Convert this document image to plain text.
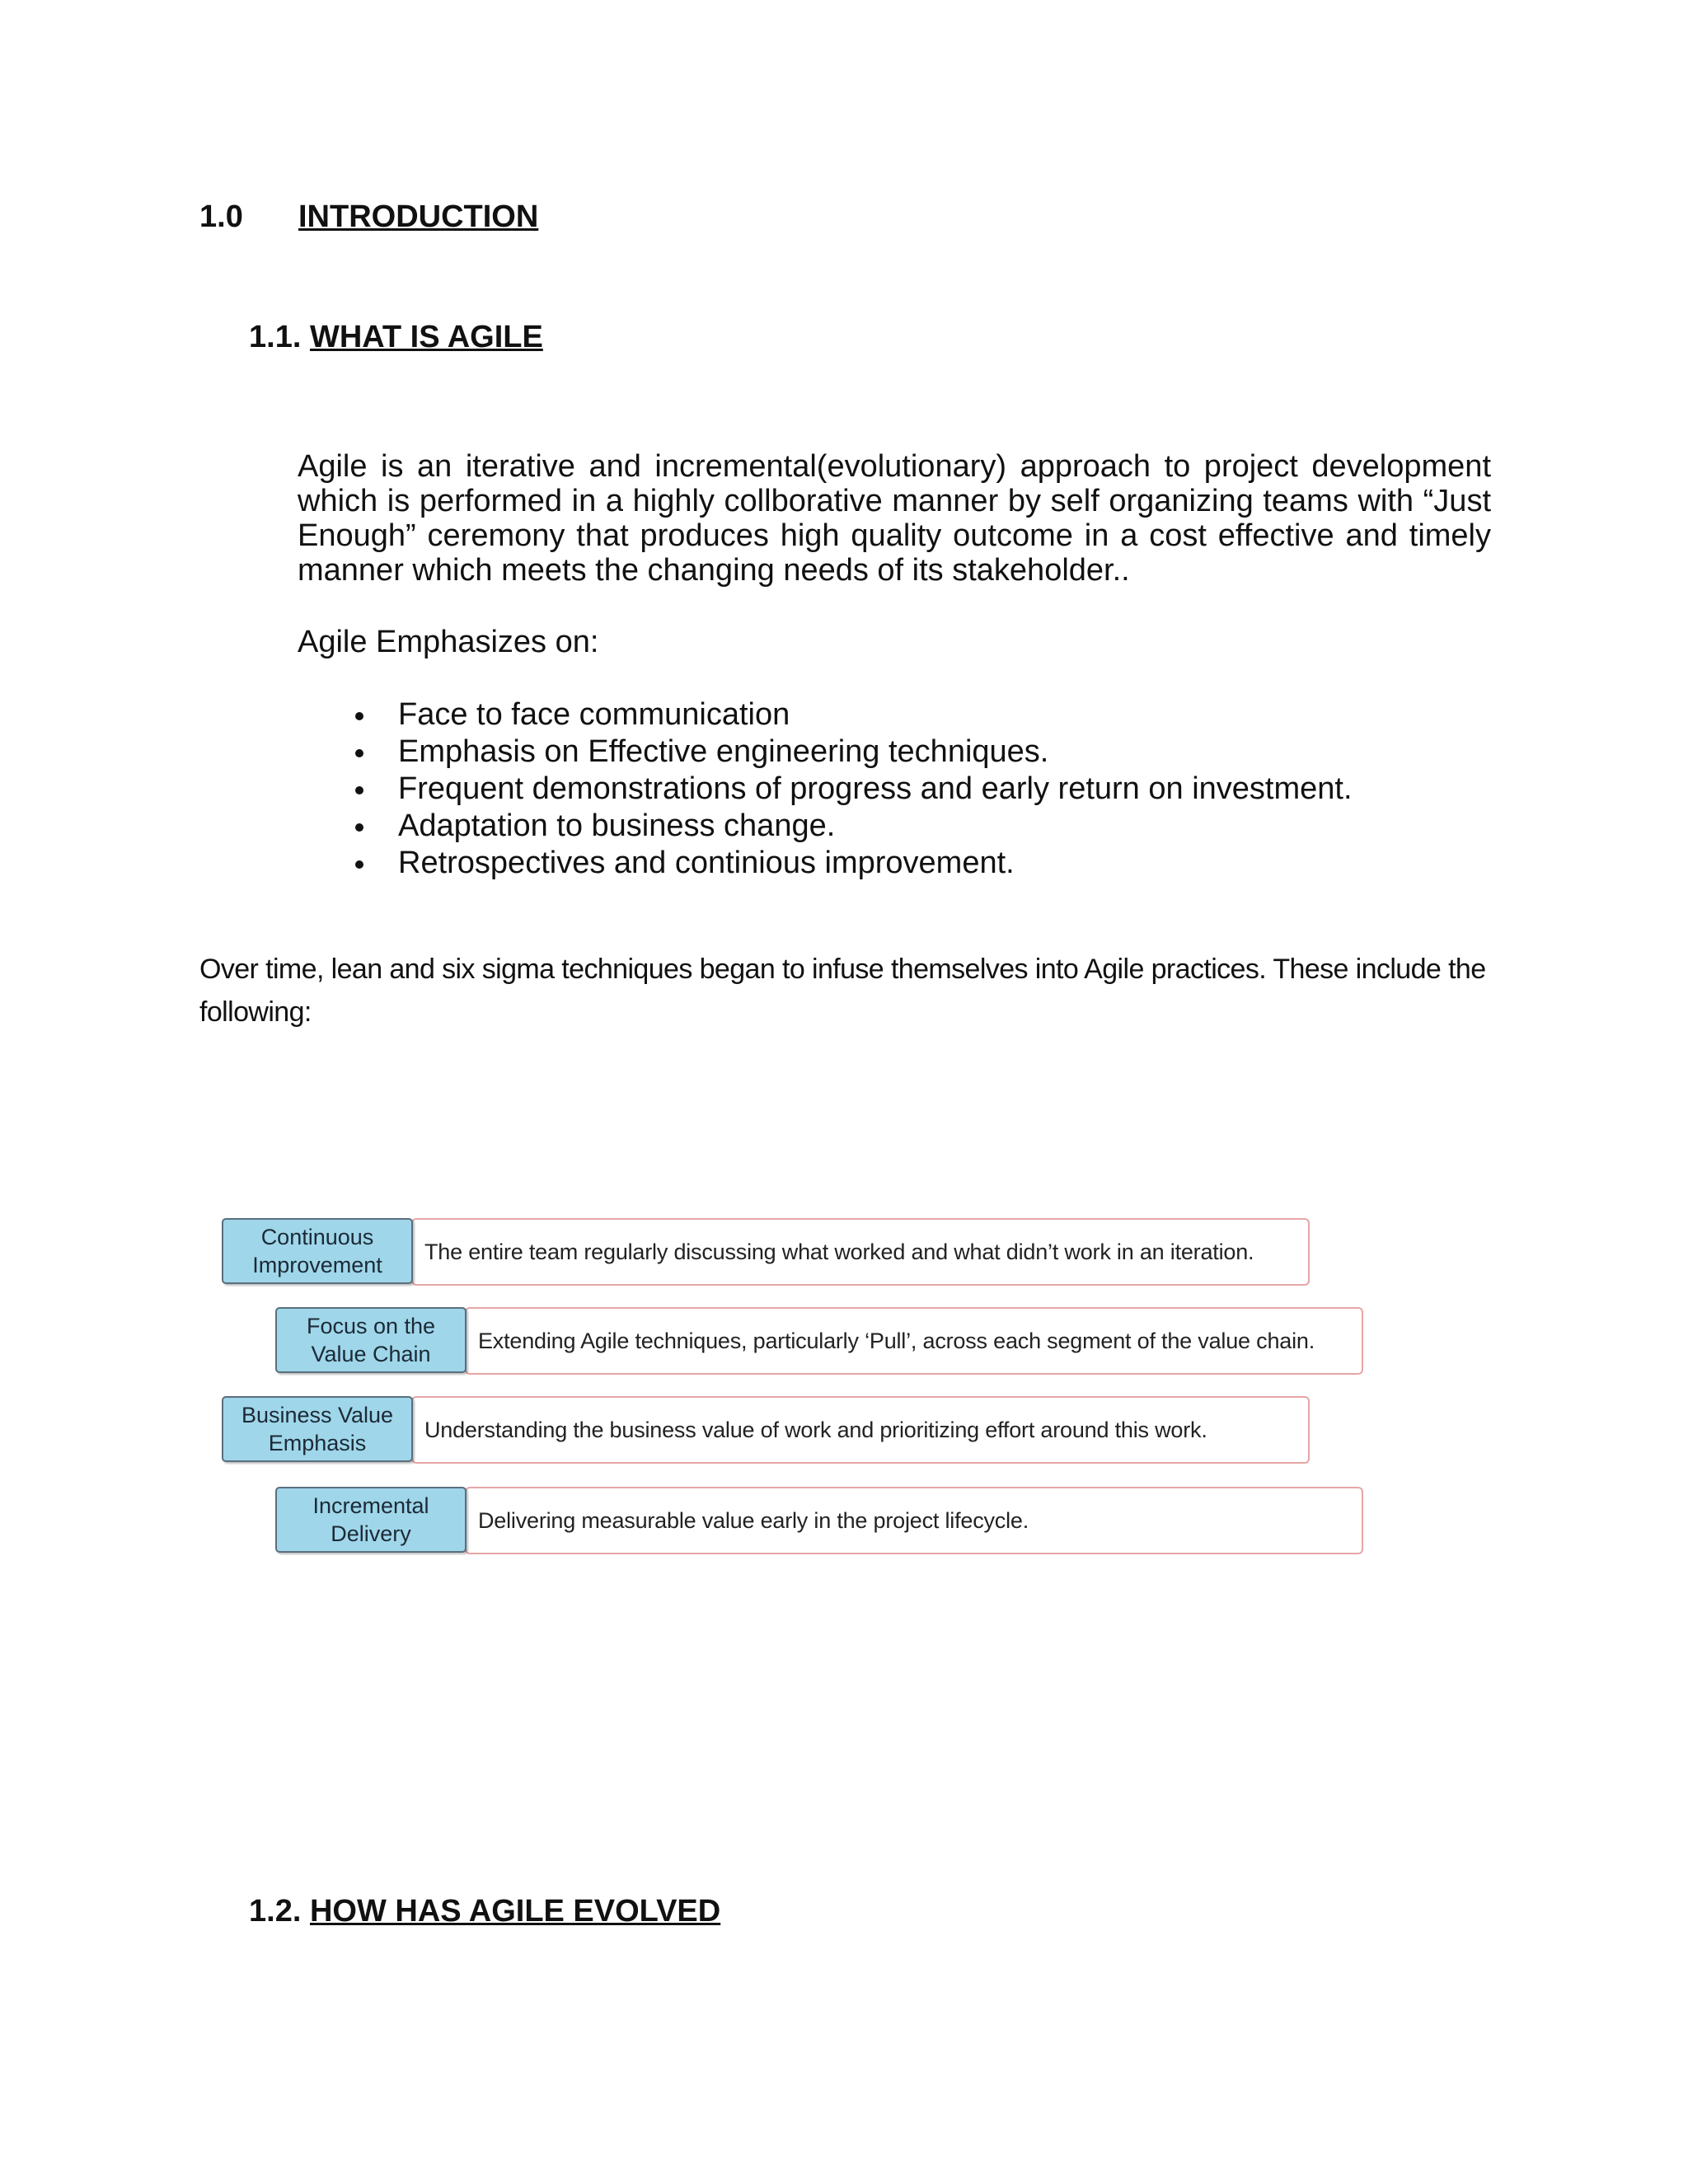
1.0 INTRODUCTION
1.1. WHAT IS AGILE

Agile is an iterative and incremental(evolutionary) approach to project development which is performed in a highly collborative manner by self organizing teams with “Just Enough” ceremony that produces high quality outcome in a cost effective and timely manner which meets the changing needs of its stakeholder..

Agile Emphasizes on:
Face to face communication
Emphasis on Effective engineering techniques.
Frequent demonstrations of progress and early return on investment.
Adaptation to business change.
Retrospectives and continious improvement.

Over time, lean and six sigma techniques began to infuse themselves into Agile practices. These include the following:

Continuous Improvement
The entire team regularly discussing what worked and what didn’t work in an iteration.
Focus on the Value Chain
Extending Agile techniques, particularly ‘Pull’, across each segment of the value chain.
Business Value Emphasis
Understanding the business value of work and prioritizing effort around this work.
Incremental Delivery
Delivering measurable value early in the project lifecycle.
1.2. HOW HAS AGILE EVOLVED
